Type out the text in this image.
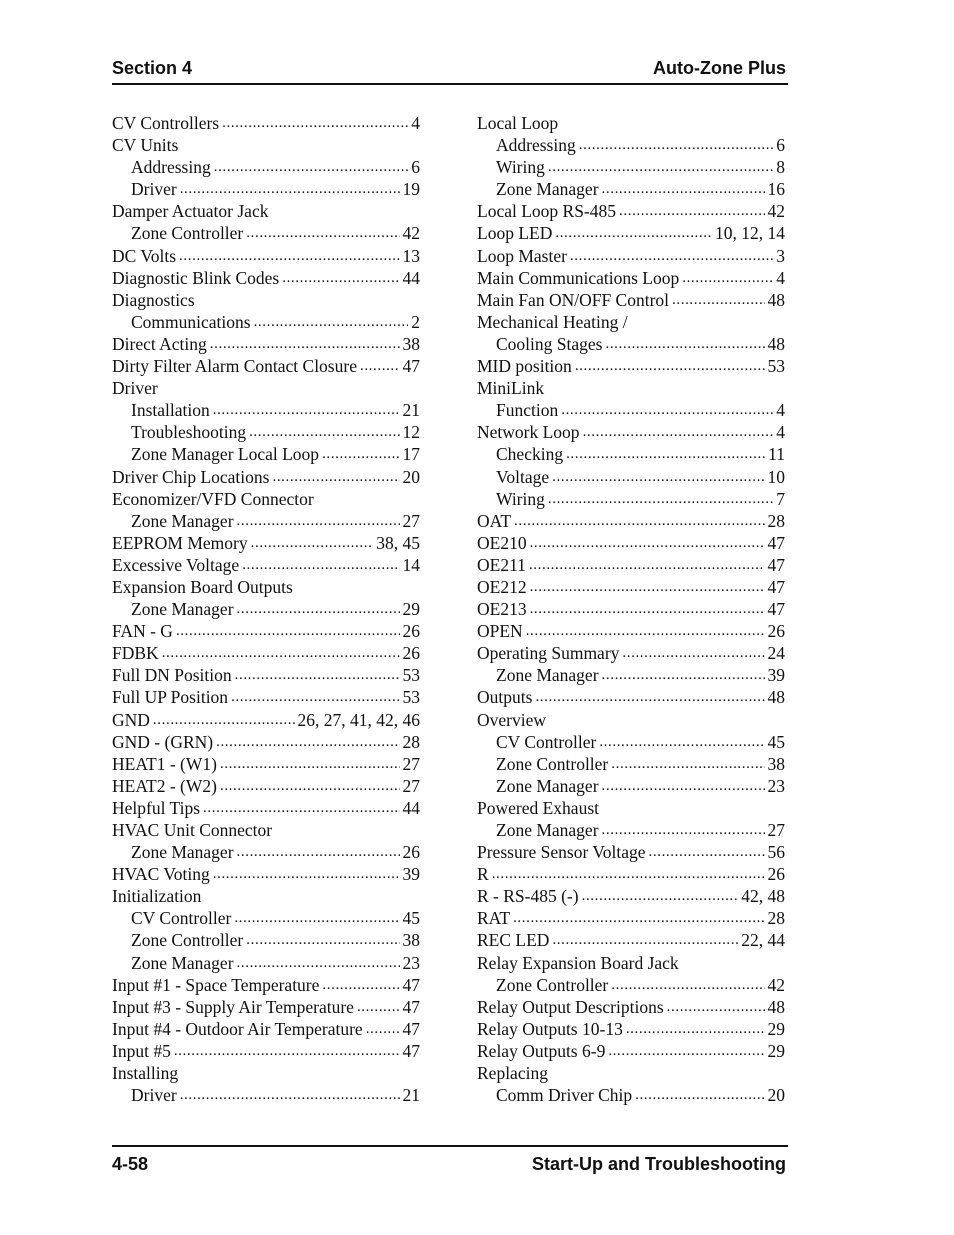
Section 4	Auto-Zone Plus
CV Controllers .....	4
CV Units
Addressing .....	6
Driver .....	19
Damper Actuator Jack
Zone Controller .....	42
DC Volts .....	13
Diagnostic Blink Codes .....	44
Diagnostics
Communications .....	2
Direct Acting .....	38
Dirty Filter Alarm Contact Closure .....	47
Driver
Installation .....	21
Troubleshooting .....	12
Zone Manager Local Loop .....	17
Driver Chip Locations .....	20
Economizer/VFD Connector
Zone Manager .....	27
EEPROM Memory .....	38, 45
Excessive Voltage .....	14
Expansion Board Outputs
Zone Manager .....	29
FAN - G .....	26
FDBK .....	26
Full DN Position .....	53
Full UP Position .....	53
GND .....	26, 27, 41, 42, 46
GND - (GRN) .....	28
HEAT1 - (W1) .....	27
HEAT2 - (W2) .....	27
Helpful Tips .....	44
HVAC Unit Connector
Zone Manager .....	26
HVAC Voting .....	39
Initialization
CV Controller .....	45
Zone Controller .....	38
Zone Manager .....	23
Input #1 - Space Temperature .....	47
Input #3 - Supply Air Temperature .....	47
Input #4 - Outdoor Air Temperature ..... 47
Input #5 .....	47
Installing
Driver .....	21
Local Loop
Addressing .....	6
Wiring .....	8
Zone Manager .....	16
Local Loop RS-485 .....	42
Loop LED .....	10, 12, 14
Loop Master .....	3
Main Communications Loop .....	4
Main Fan ON/OFF Control .....	48
Mechanical Heating /
Cooling Stages .....	48
MID position .....	53
MiniLink
Function .....	4
Network Loop .....	4
Checking .....	11
Voltage .....	10
Wiring .....	7
OAT .....	28
OE210 .....	47
OE211 .....	47
OE212 .....	47
OE213 .....	47
OPEN .....	26
Operating Summary .....	24
Zone Manager .....	39
Outputs .....	48
Overview
CV Controller .....	45
Zone Controller .....	38
Zone Manager .....	23
Powered Exhaust
Zone Manager .....	27
Pressure Sensor Voltage .....	56
R .....	26
R - RS-485 (-) .....	42, 48
RAT .....	28
REC LED .....	22, 44
Relay Expansion Board Jack
Zone Controller .....	42
Relay Output Descriptions .....	48
Relay Outputs 10-13 .....	29
Relay Outputs 6-9 .....	29
Replacing
Comm Driver Chip .....	20
4-58	Start-Up and Troubleshooting
